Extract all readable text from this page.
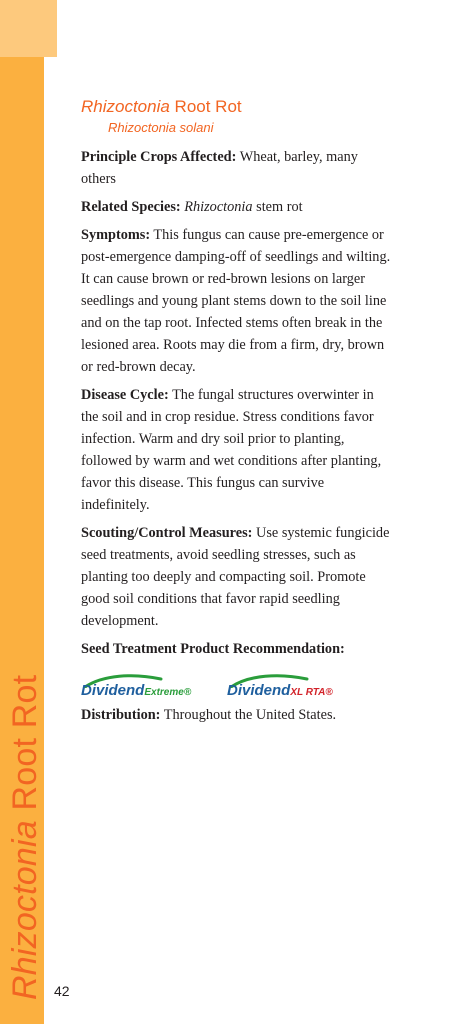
Rhizoctonia Root Rot
42
Rhizoctonia Root Rot
Rhizoctonia solani

Principle Crops Affected: Wheat, barley, many others

Related Species: Rhizoctonia stem rot

Symptoms: This fungus can cause pre-emergence or post-emergence damping-off of seedlings and wilting. It can cause brown or red-brown lesions on larger seedlings and young plant stems down to the soil line and on the tap root. Infected stems often break in the lesioned area. Roots may die from a firm, dry, brown or red-brown decay.

Disease Cycle: The fungal structures overwinter in the soil and in crop residue. Stress conditions favor infection. Warm and dry soil prior to planting, followed by warm and wet conditions after planting, favor this disease. This fungus can survive indefinitely.

Scouting/Control Measures: Use systemic fungicide seed treatments, avoid seedling stresses, such as planting too deeply and compacting soil. Promote good soil conditions that favor rapid seedling development.

Seed Treatment Product Recommendation:

DividendExtreme® DividendXL RTA®

Distribution: Throughout the United States.
